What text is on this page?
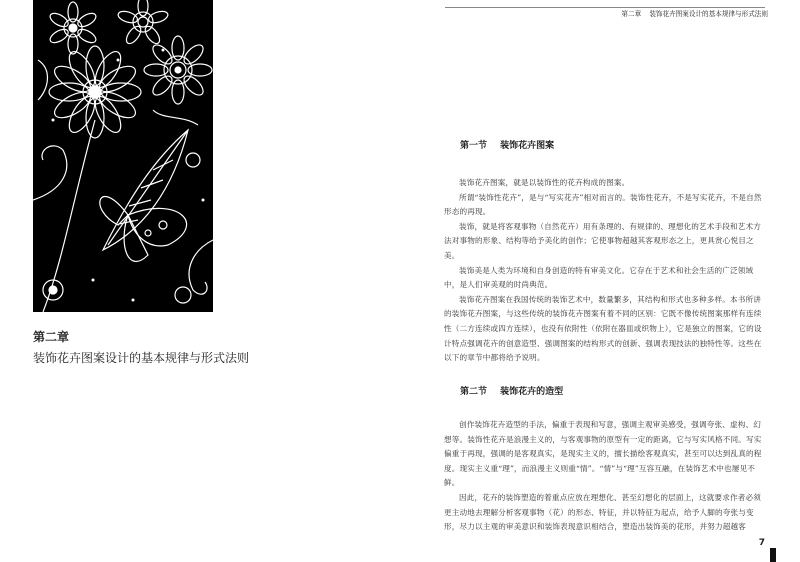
第二章
装饰花卉图案设计的基本规律与形式法则
第二章 装饰花卉图案设计的基本规律与形式法则
第一节 装饰花卉图案

装饰花卉图案，就是以装饰性的花卉构成的图案。

所谓“装饰性花卉”，是与“写实花卉”相对而言的。装饰性花卉，不是写实花卉，不是自然形态的再现。

装饰，就是将客观事物（自然花卉）用有条理的、有规律的、理想化的艺术手段和艺术方法对事物的形象、结构等给予美化的创作；它使事物超越其客观形态之上，更具赏心悦目之美。

装饰美是人类为环境和自身创造的特有审美文化。它存在于艺术和社会生活的广泛领域中，是人们审美观的时尚典范。

装饰花卉图案在我国传统的装饰艺术中，数量繁多，其结构和形式也多种多样。本书所讲的装饰花卉图案，与这些传统的装饰花卉图案有着不同的区别：它既不像传统图案那样有连续性（二方连续或四方连续），也没有依附性（依附在器皿或织物上），它是独立的图案，它的设计特点强调花卉的创意造型、强调图案的结构形式的创新、强调表现技法的独特性等。这些在以下的章节中都将给予说明。

第二节 装饰花卉的造型

创作装饰花卉造型的手法，偏重于表现和写意，强调主观审美感受，强调夸张、虚构、幻想等。装饰性花卉是浪漫主义的，与客观事物的原型有一定的距离，它与写实风格不同。写实偏重于再现，强调的是客观真实，是现实主义的，擅长描绘客观真实，甚至可以达到乱真的程度。现实主义重“理”，而浪漫主义则重“情”。“情”与“理”互容互融，在装饰艺术中也屡见不鲜。

因此，花卉的装饰塑造的着重点应放在理想化、甚至幻想化的层面上，这就要求作者必须更主动地去理解分析客观事物（花）的形态、特征，并以特征为起点，给予人脚的夸张与变形，尽力以主观的审美意识和装饰表现意识相结合，塑造出装饰美的花形，并努力超越客

7
